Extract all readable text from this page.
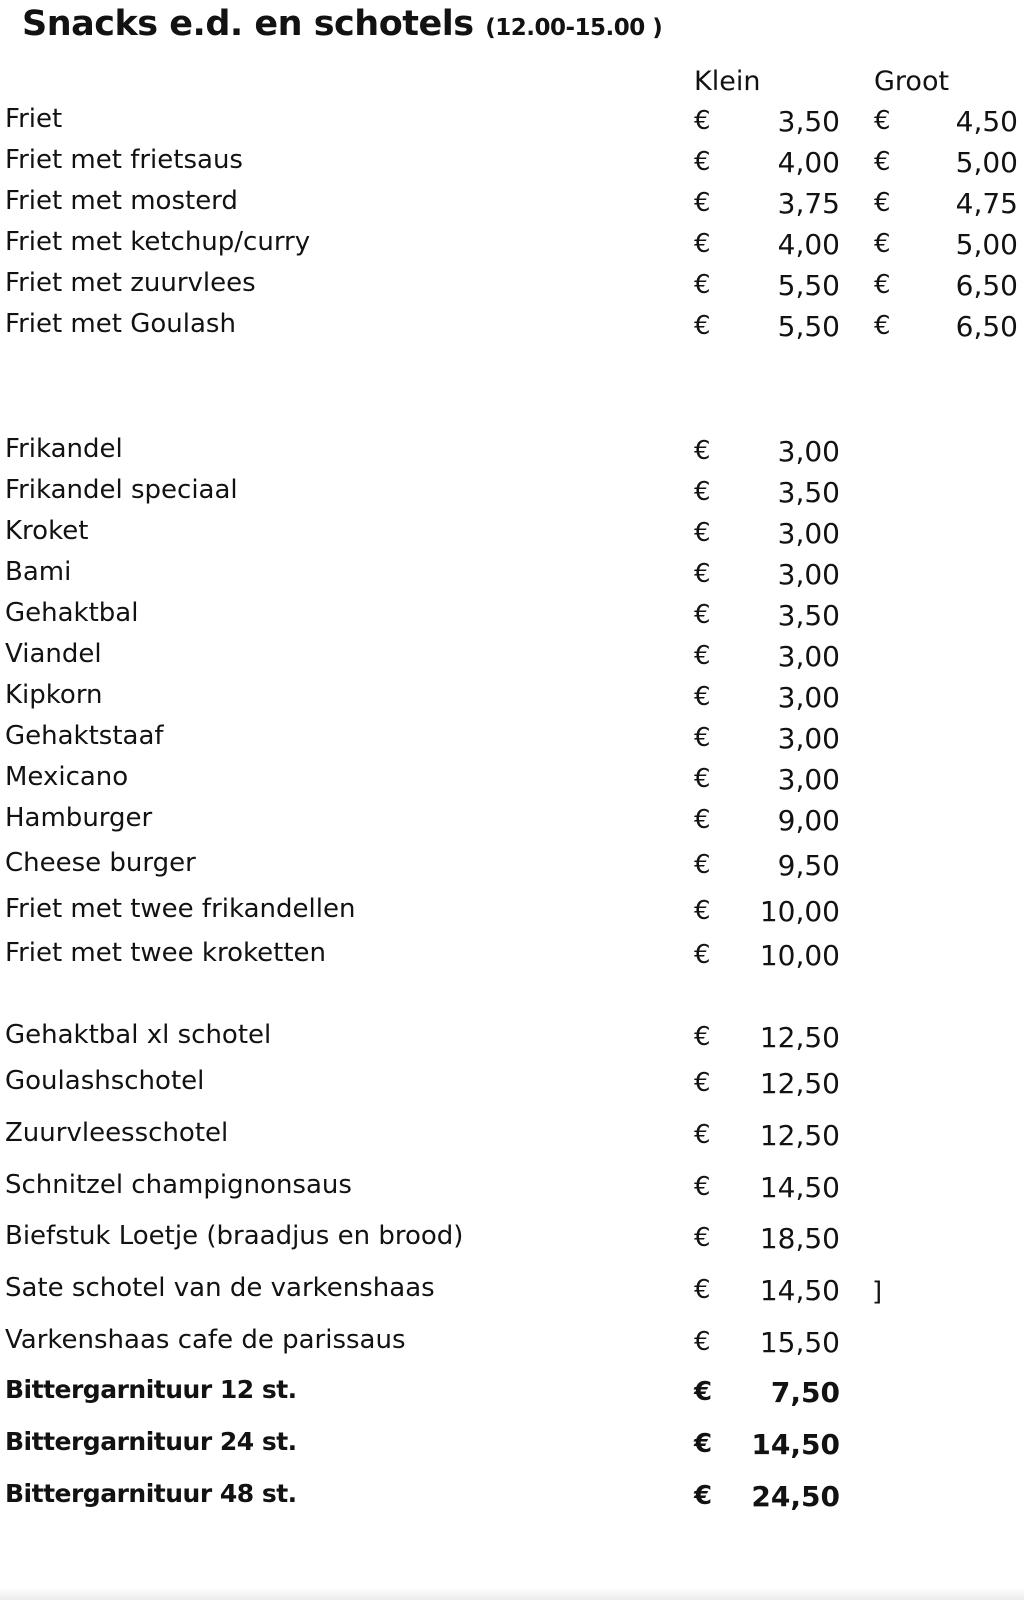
Snacks e.d. en schotels (12.00-15.00 )
Klein	Groot
Friet	€	3,50 €	4,50
Friet met frietsaus	€	4,00 €	5,00
Friet met mosterd	€	3,75 €	4,75
Friet met ketchup/curry	€	4,00 €	5,00
Friet met zuurvlees	€	5,50 €	6,50
Friet met Goulash	€	5,50 €	6,50
Frikandel	€	3,00
Frikandel speciaal	€	3,50
Kroket	€	3,00
Bami	€	3,00
Gehaktbal	€	3,50
Viandel	€	3,00
Kipkorn	€	3,00
Gehaktstaaf	€	3,00
Mexicano	€	3,00
Hamburger	€	9,00
Cheese burger	€	9,50
Friet met twee frikandellen	€	10,00
Friet met twee kroketten	€	10,00
Gehaktbal xl schotel	€	12,50
Goulashschotel	€	12,50
Zuurvleesschotel	€	12,50
Schnitzel champignonsaus	€	14,50
Biefstuk Loetje (braadjus en brood)	€	18,50
Sate schotel van de varkenshaas	€	14,50 ]
Varkenshaas cafe de parissaus	€	15,50
Bittergarnituur 12 st.	€	7,50
Bittergarnituur 24 st.	€	14,50
Bittergarnituur 48 st.	€	24,50
